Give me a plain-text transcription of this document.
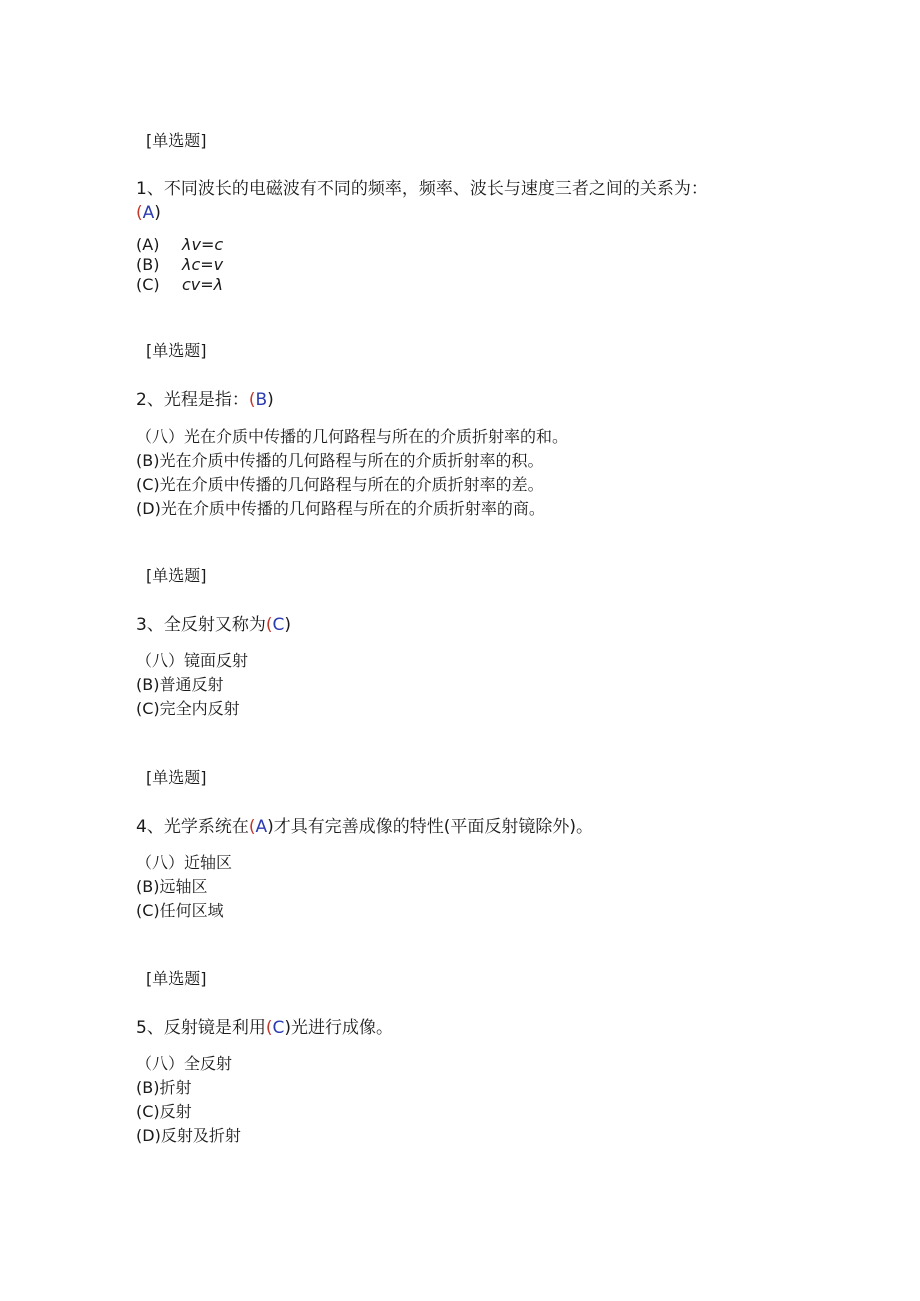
[单选题]
1、不同波长的电磁波有不同的频率，频率、波长与速度三者之间的关系为：
(A)
(A) λv=c
(B) λc=v
(C) cv=λ
[单选题]
2、光程是指：(B)
（八）光在介质中传播的几何路程与所在的介质折射率的和。
(B)光在介质中传播的几何路程与所在的介质折射率的积。
(C)光在介质中传播的几何路程与所在的介质折射率的差。
(D)光在介质中传播的几何路程与所在的介质折射率的商。
[单选题]
3、全反射又称为(C)
（八）镜面反射
(B)普通反射
(C)完全内反射
[单选题]
4、光学系统在(A)才具有完善成像的特性(平面反射镜除外)。
（八）近轴区
(B)远轴区
(C)任何区域
[单选题]
5、反射镜是利用(C)光进行成像。
（八）全反射
(B)折射
(C)反射
(D)反射及折射
